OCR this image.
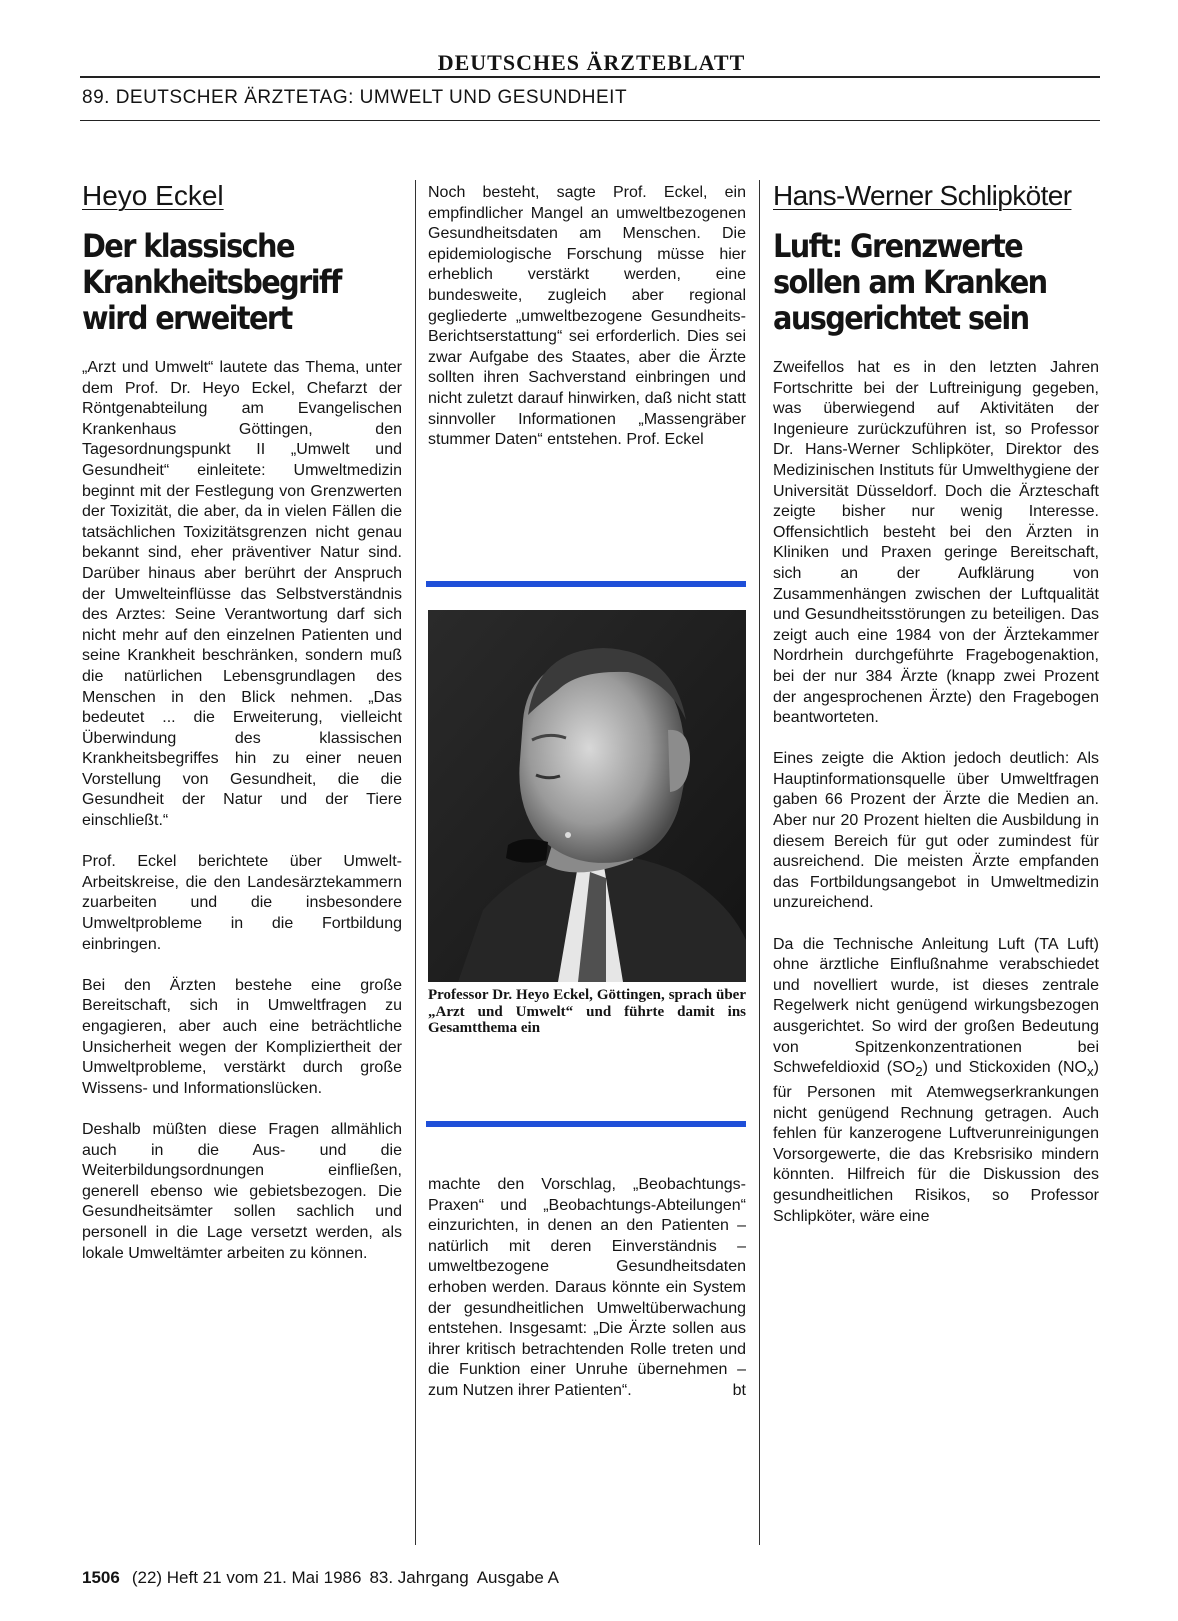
DEUTSCHES ÄRZTEBLATT
89. DEUTSCHER ÄRZTETAG: UMWELT UND GESUNDHEIT
Heyo Eckel
Der klassische
Krankheitsbegriff
wird erweitert

„Arzt und Umwelt“ lautete das Thema, unter dem Prof. Dr. Heyo Eckel, Chefarzt der Röntgenabteilung am Evangelischen Krankenhaus Göttingen, den Tagesordnungspunkt II „Umwelt und Gesundheit“ einleitete: Umweltmedizin beginnt mit der Festlegung von Grenzwerten der Toxizität, die aber, da in vielen Fällen die tatsächlichen Toxizitätsgrenzen nicht genau bekannt sind, eher präventiver Natur sind. Darüber hinaus aber berührt der Anspruch der Umwelteinflüsse das Selbstverständnis des Arztes: Seine Verantwortung darf sich nicht mehr auf den einzelnen Patienten und seine Krankheit beschränken, sondern muß die natürlichen Lebensgrundlagen des Menschen in den Blick nehmen. „Das bedeutet ... die Erweiterung, vielleicht Überwindung des klassischen Krankheitsbegriffes hin zu einer neuen Vorstellung von Gesundheit, die die Gesundheit der Natur und der Tiere einschließt.“

Prof. Eckel berichtete über Umwelt-Arbeitskreise, die den Landesärztekammern zuarbeiten und die insbesondere Umweltprobleme in die Fortbildung einbringen.

Bei den Ärzten bestehe eine große Bereitschaft, sich in Umweltfragen zu engagieren, aber auch eine beträchtliche Unsicherheit wegen der Kompliziertheit der Umweltprobleme, verstärkt durch große Wissens- und Informationslücken.

Deshalb müßten diese Fragen allmählich auch in die Aus- und die Weiterbildungsordnungen einfließen, generell ebenso wie gebietsbezogen. Die Gesundheitsämter sollen sachlich und personell in die Lage versetzt werden, als lokale Umweltämter arbeiten zu können.

Noch besteht, sagte Prof. Eckel, ein empfindlicher Mangel an umweltbezogenen Gesundheitsdaten am Menschen. Die epidemiologische Forschung müsse hier erheblich verstärkt werden, eine bundesweite, zugleich aber regional gegliederte „umweltbezogene Gesundheits-Berichtserstattung“ sei erforderlich. Dies sei zwar Aufgabe des Staates, aber die Ärzte sollten ihren Sachverstand einbringen und nicht zuletzt darauf hinwirken, daß nicht statt sinnvoller Informationen „Massengräber stummer Daten“ entstehen. Prof. Eckel

Professor Dr. Heyo Eckel, Göttingen, sprach über „Arzt und Umwelt“ und führte damit ins Gesamtthema ein

machte den Vorschlag, „Beobachtungs-Praxen“ und „Beobachtungs-Abteilungen“ einzurichten, in denen an den Patienten – natürlich mit deren Einverständnis – umweltbezogene Gesundheitsdaten erhoben werden. Daraus könnte ein System der gesundheitlichen Umweltüberwachung entstehen. Insgesamt: „Die Ärzte sollen aus ihrer kritisch betrachtenden Rolle treten und die Funktion einer Unruhe übernehmen – zum Nutzen ihrer Patienten“.	bt

Hans-Werner Schlipköter
Luft: Grenzwerte
sollen am Kranken
ausgerichtet sein

Zweifellos hat es in den letzten Jahren Fortschritte bei der Luftreinigung gegeben, was überwiegend auf Aktivitäten der Ingenieure zurückzuführen ist, so Professor Dr. Hans-Werner Schlipköter, Direktor des Medizinischen Instituts für Umwelthygiene der Universität Düsseldorf. Doch die Ärzteschaft zeigte bisher nur wenig Interesse. Offensichtlich besteht bei den Ärzten in Kliniken und Praxen geringe Bereitschaft, sich an der Aufklärung von Zusammenhängen zwischen der Luftqualität und Gesundheitsstörungen zu beteiligen. Das zeigt auch eine 1984 von der Ärztekammer Nordrhein durchgeführte Fragebogenaktion, bei der nur 384 Ärzte (knapp zwei Prozent der angesprochenen Ärzte) den Fragebogen beantworteten.

Eines zeigte die Aktion jedoch deutlich: Als Hauptinformationsquelle über Umweltfragen gaben 66 Prozent der Ärzte die Medien an. Aber nur 20 Prozent hielten die Ausbildung in diesem Bereich für gut oder zumindest für ausreichend. Die meisten Ärzte empfanden das Fortbildungsangebot in Umweltmedizin unzureichend.

Da die Technische Anleitung Luft (TA Luft) ohne ärztliche Einflußnahme verabschiedet und novelliert wurde, ist dieses zentrale Regelwerk nicht genügend wirkungsbezogen ausgerichtet. So wird der großen Bedeutung von Spitzenkonzentrationen bei Schwefeldioxid $(SO_2)$ und Stickoxiden $(NO_x)$ für Personen mit Atemwegserkrankungen nicht genügend Rechnung getragen. Auch fehlen für kanzerogene Luftverunreinigungen Vorsorgewerte, die das Krebsrisiko mindern könnten. Hilfreich für die Diskussion des gesundheitlichen Risikos, so Professor Schlipköter, wäre eine

1506 (22) Heft 21 vom 21. Mai 1986 83. Jahrgang Ausgabe A
